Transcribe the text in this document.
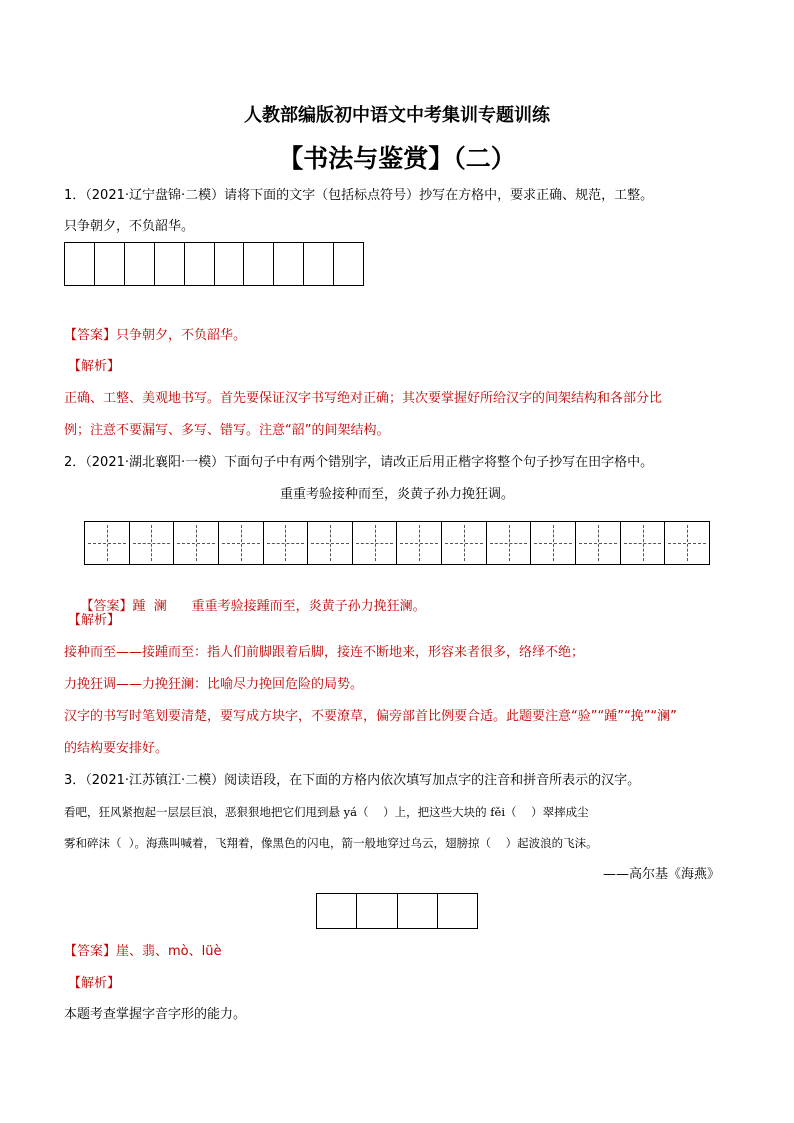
人教部编版初中语文中考集训专题训练
【书法与鉴赏】（二）
1．（2021·辽宁盘锦·二模）请将下面的文字（包括标点符号）抄写在方格中，要求正确、规范，工整。
只争朝夕，不负韶华。
【答案】只争朝夕，不负韶华。
【解析】
正确、工整、美观地书写。首先要保证汉字书写绝对正确；其次要掌握好所给汉字的间架结构和各部分比
例；注意不要漏写、多写、错写。注意“韶”的间架结构。
2．（2021·湖北襄阳·一模）下面句子中有两个错别字，请改正后用正楷字将整个句子抄写在田字格中。
重重考验接种而至，炎黄子孙力挽狂调。

【答案】踵  澜      重重考验接踵而至，炎黄子孙力挽狂澜。

【解析】
接种而至——接踵而至：指人们前脚跟着后脚，接连不断地来，形容来者很多，络绎不绝；
力挽狂调——力挽狂澜：比喻尽力挽回危险的局势。
汉字的书写时笔划要清楚，要写成方块字，不要潦草，偏旁部首比例要合适。此题要注意“验”“踵”“挽”“澜”
的结构要安排好。
3．（2021·江苏镇江·二模）阅读语段，在下面的方格内依次填写加点字的注音和拼音所表示的汉字。
看吧，狂风紧抱起一层层巨浪，恶狠狠地把它们甩到悬 yá（    ）上，把这些大块的 fěi（    ）翠摔成尘
雾和碎沫（  ）。海燕叫喊着，飞翔着，像黑色的闪电，箭一般地穿过乌云，翅膀掠（    ）起波浪的飞沫。
——高尔基《海燕》
【答案】崖、翡、mò、lüè
【解析】
本题考查掌握字音字形的能力。
